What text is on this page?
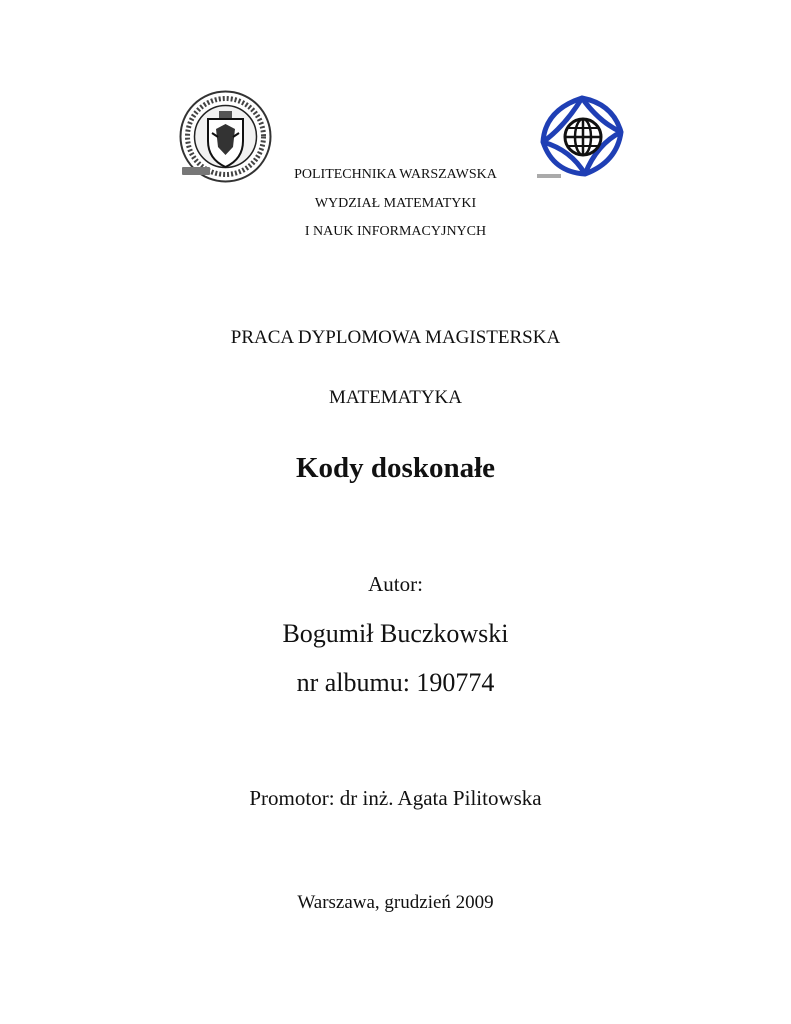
POLITECHNIKA WARSZAWSKA
WYDZIAŁ MATEMATYKI
I NAUK INFORMACYJNYCH
PRACA DYPLOMOWA MAGISTERSKA
MATEMATYKA
Kody doskonałe
Autor:
Bogumił Buczkowski
nr albumu: 190774
Promotor: dr inż. Agata Pilitowska
Warszawa, grudzień 2009
